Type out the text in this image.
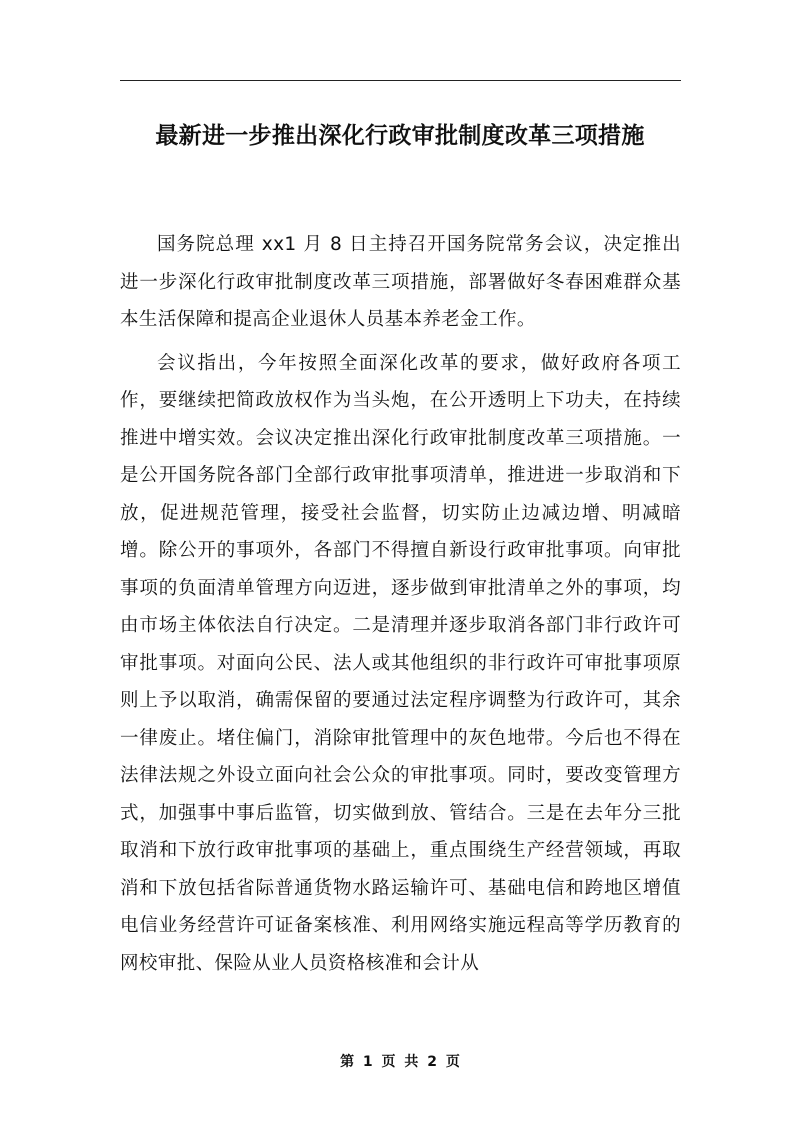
最新进一步推出深化行政审批制度改革三项措施

国务院总理 xx1 月 8 日主持召开国务院常务会议，决定推出进一步深化行政审批制度改革三项措施，部署做好冬春困难群众基本生活保障和提高企业退休人员基本养老金工作。

会议指出，今年按照全面深化改革的要求，做好政府各项工作，要继续把简政放权作为当头炮，在公开透明上下功夫，在持续推进中增实效。会议决定推出深化行政审批制度改革三项措施。一是公开国务院各部门全部行政审批事项清单，推进进一步取消和下放，促进规范管理，接受社会监督，切实防止边减边增、明减暗增。除公开的事项外，各部门不得擅自新设行政审批事项。向审批事项的负面清单管理方向迈进，逐步做到审批清单之外的事项，均由市场主体依法自行决定。二是清理并逐步取消各部门非行政许可审批事项。对面向公民、法人或其他组织的非行政许可审批事项原则上予以取消，确需保留的要通过法定程序调整为行政许可，其余一律废止。堵住偏门，消除审批管理中的灰色地带。今后也不得在法律法规之外设立面向社会公众的审批事项。同时，要改变管理方式，加强事中事后监管，切实做到放、管结合。三是在去年分三批取消和下放行政审批事项的基础上，重点围绕生产经营领域，再取消和下放包括省际普通货物水路运输许可、基础电信和跨地区增值电信业务经营许可证备案核准、利用网络实施远程高等学历教育的网校审批、保险从业人员资格核准和会计从

第 1 页 共 2 页
